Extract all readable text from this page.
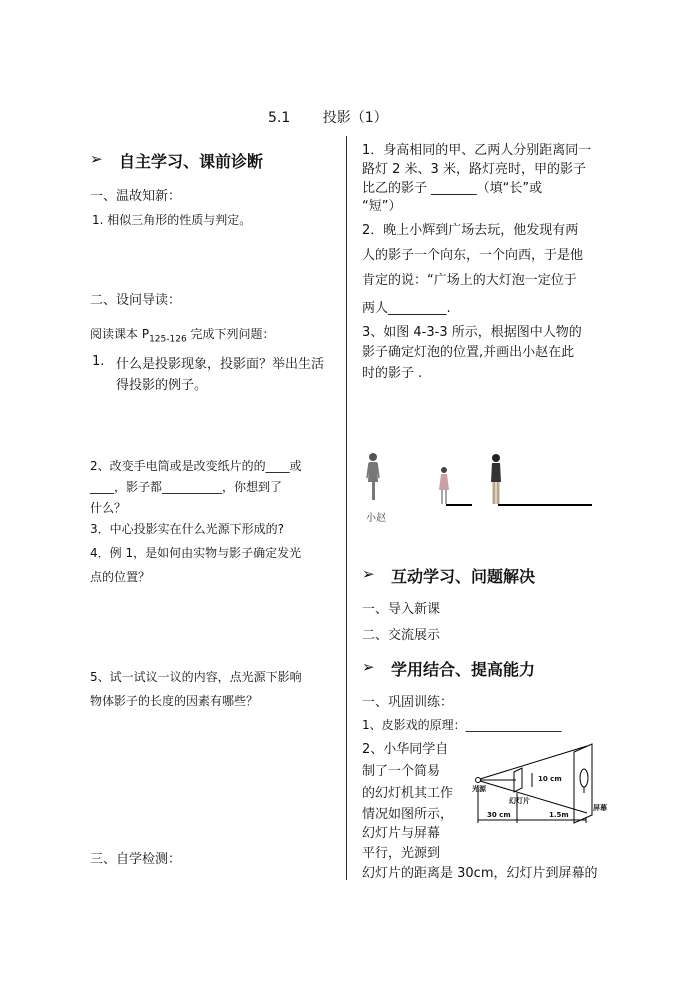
5.1　　 投影（1）
➢ 自主学习、课前诊断
一、温故知新：
1. 相似三角形的性质与判定。
二、设问导读：
阅读课本 $P_{125-126}$ 完成下列问题：
1. 什么是投影现象，投影面？举出生活
得投影的例子。
2、改变手电筒或是改变纸片的的____或
____，影子都__________，你想到了
什么？
3．中心投影实在什么光源下形成的?
4．例 1，是如何由实物与影子确定发光
点的位置？
5、试一试议一议的内容，点光源下影响
物体影子的长度的因素有哪些？
三、自学检测：
1．身高相同的甲、乙两人分别距离同一
路灯 2 米、3 米，路灯亮时，甲的影子
比乙的影子 _______（填“长”或
“短”）
2．晚上小辉到广场去玩，他发现有两
人的影子一个向东，一个向西，于是他
肯定的说：“广场上的大灯泡一定位于
两人_________.
3、如图 4-3-3 所示，根据图中人物的
影子确定灯泡的位置,并画出小赵在此
时的影子 .
小赵
➢ 互动学习、问题解决
一、导入新课
二、交流展示
➢ 学用结合、提高能力
一、巩固训练：
1、皮影戏的原理：________________
2、小华同学自
制了一个简易
的幻灯机其工作
情况如图所示，
幻灯片与屏幕
平行，光源到
幻灯片的距离是 30cm，幻灯片到屏幕的
10 cm
光源
幻灯片
屏幕
30 cm	1.5m
